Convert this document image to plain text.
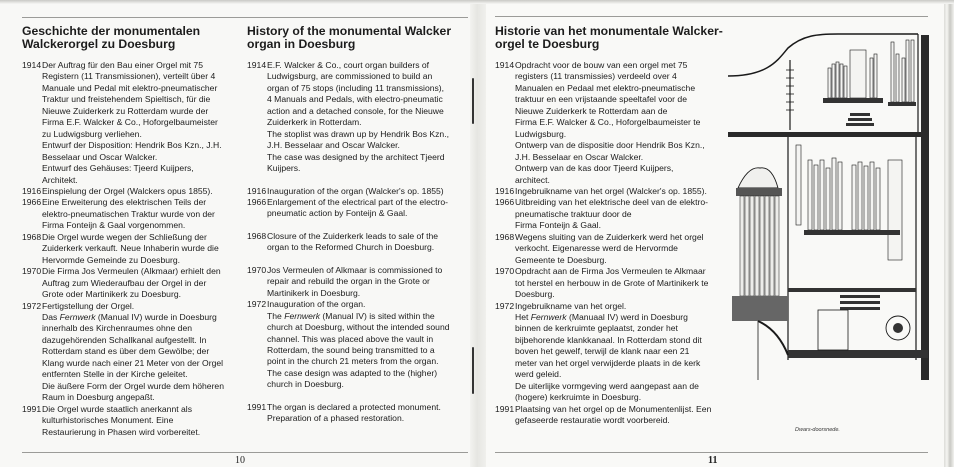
Geschichte der monumentalen Walckerorgel zu Doesburg
1914 Der Auftrag für den Bau einer Orgel mit 75
Registern (11 Transmissionen), verteilt über 4
Manuale und Pedal mit elektro-pneumatischer
Traktur und freistehendem Spieltisch, für die
Nieuwe Zuiderkerk zu Rotterdam wurde der
Firma E.F. Walcker & Co., Hoforgelbaumeister
zu Ludwigsburg verliehen.
Entwurf der Disposition: Hendrik Bos Kzn., J.H.
Besselaar und Oscar Walcker.
Entwurf des Gehäuses: Tjeerd Kuijpers,
Architekt.
1916 Einspielung der Orgel (Walckers opus 1855).
1966 Eine Erweiterung des elektrischen Teils der
elektro-pneumatischen Traktur wurde von der
Firma Fonteijn & Gaal vorgenommen.
1968 Die Orgel wurde wegen der Schließung der
Zuiderkerk verkauft. Neue Inhaberin wurde die
Hervormde Gemeinde zu Doesburg.
1970 Die Firma Jos Vermeulen (Alkmaar) erhielt den
Auftrag zum Wiederaufbau der Orgel in der
Grote oder Martinikerk zu Doesburg.
1972 Fertigstellung der Orgel.
Das Fernwerk (Manual IV) wurde in Doesburg
innerhalb des Kirchenraumes ohne den
dazugehörenden Schallkanal aufgestellt. In
Rotterdam stand es über dem Gewölbe; der
Klang wurde nach einer 21 Meter von der Orgel
entfernten Stelle in der Kirche geleitet.
Die äußere Form der Orgel wurde dem höheren
Raum in Doesburg angepaßt.
1991 Die Orgel wurde staatlich anerkannt als
kulturhistorisches Monument. Eine
Restaurierung in Phasen wird vorbereitet.
History of the monumental Walcker organ in Doesburg
1914 E.F. Walcker & Co., court organ builders of
Ludwigsburg, are commissioned to build an
organ of 75 stops (including 11 transmissions),
4 Manuals and Pedals, with electro-pneumatic
action and a detached console, for the Nieuwe
Zuiderkerk in Rotterdam.
The stoplist was drawn up by Hendrik Bos Kzn.,
J.H. Besselaar and Oscar Walcker.
The case was designed by the architect Tjeerd
Kuijpers.
1916 Inauguration of the organ (Walcker's op. 1855)
1966 Enlargement of the electrical part of the electro-
pneumatic action by Fonteijn & Gaal.
1968 Closure of the Zuiderkerk leads to sale of the
organ to the Reformed Church in Doesburg.
1970 Jos Vermeulen of Alkmaar is commissioned to
repair and rebuild the organ in the Grote or
Martinikerk in Doesburg.
1972 Inauguration of the organ.
The Fernwerk (Manual IV) is sited within the
church at Doesburg, without the intended sound
channel. This was placed above the vault in
Rotterdam, the sound being transmitted to a
point in the church 21 meters from the organ.
The case design was adapted to the (higher)
church in Doesburg.
1991 The organ is declared a protected monument.
Preparation of a phased restoration.
10
Historie van het monumentale Walcker-orgel te Doesburg
1914 Opdracht voor de bouw van een orgel met 75
registers (11 transmissies) verdeeld over 4
Manualen en Pedaal met elektro-pneumatische
traktuur en een vrijstaande speeltafel voor de
Nieuwe Zuiderkerk te Rotterdam aan de
Firma E.F. Walcker & Co., Hoforgelbaumeister te
Ludwigsburg.
Ontwerp van de dispositie door Hendrik Bos Kzn.,
J.H. Besselaar en Oscar Walcker.
Ontwerp van de kas door Tjeerd Kuijpers,
architect.
1916 Ingebruikname van het orgel (Walcker's op. 1855).
1966 Uitbreiding van het elektrische deel van de elektro-
pneumatische traktuur door de
Firma Fonteijn & Gaal.
1968 Wegens sluiting van de Zuiderkerk werd het orgel
verkocht. Eigenaresse werd de Hervormde
Gemeente te Doesburg.
1970 Opdracht aan de Firma Jos Vermeulen te Alkmaar
tot herstel en herbouw in de Grote of Martinikerk te
Doesburg.
1972 Ingebruikname van het orgel.
Het Fernwerk (Manuaal IV) werd in Doesburg
binnen de kerkruimte geplaatst, zonder het
bijbehorende klankkanaal. In Rotterdam stond dit
boven het gewelf, terwijl de klank naar een 21
meter van het orgel verwijderde plaats in de kerk
werd geleid.
De uiterlijke vormgeving werd aangepast aan de
(hogere) kerkruimte in Doesburg.
1991 Plaatsing van het orgel op de Monumentenlijst. Een
gefaseerde restauratie wordt voorbereid.
Dwars-doorsnede.
11
